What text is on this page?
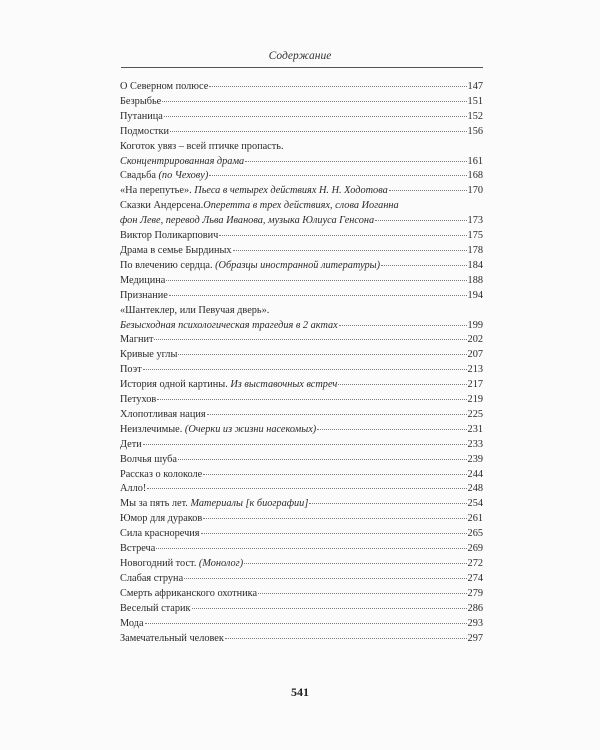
Содержание
О Северном полюсе	147
Безрыбье	151
Путаница	152
Подмостки	156
Коготок увяз – всей птичке пропасть.
Сконцентрированная драма	161
Свадьба
(по Чехову)	168
«На перепутье».
Пьеса в четырех действиях Н. Н. Ходотова	170
Сказки Андерсена. Оперетта в трех действиях, слова Иоганна
фон Леве, перевод Льва Иванова, музыка Юлиуса Генсона	173
Виктор Поликарпович	175
Драма в семье Бырдиных	178
По влечению сердца.
(Образцы иностранной литературы)	184
Медицина	188
Признание	194
«Шантеклер, или Певучая дверь».
Безысходная психологическая трагедия в 2 актах	199
Магнит	202
Кривые углы	207
Поэт	213
История одной картины.
Из выставочных встреч	217
Петухов	219
Хлопотливая нация	225
Неизлечимые.
(Очерки из жизни насекомых)	231
Дети	233
Волчья шуба	239
Рассказ о колоколе	244
Алло!	248
Мы за пять лет.
Материалы [к биографии]	254
Юмор для дураков	261
Сила красноречия	265
Встреча	269
Новогодний тост.
(Монолог)	272
Слабая струна	274
Смерть африканского охотника	279
Веселый старик	286
Мода	293
Замечательный человек	297
541
